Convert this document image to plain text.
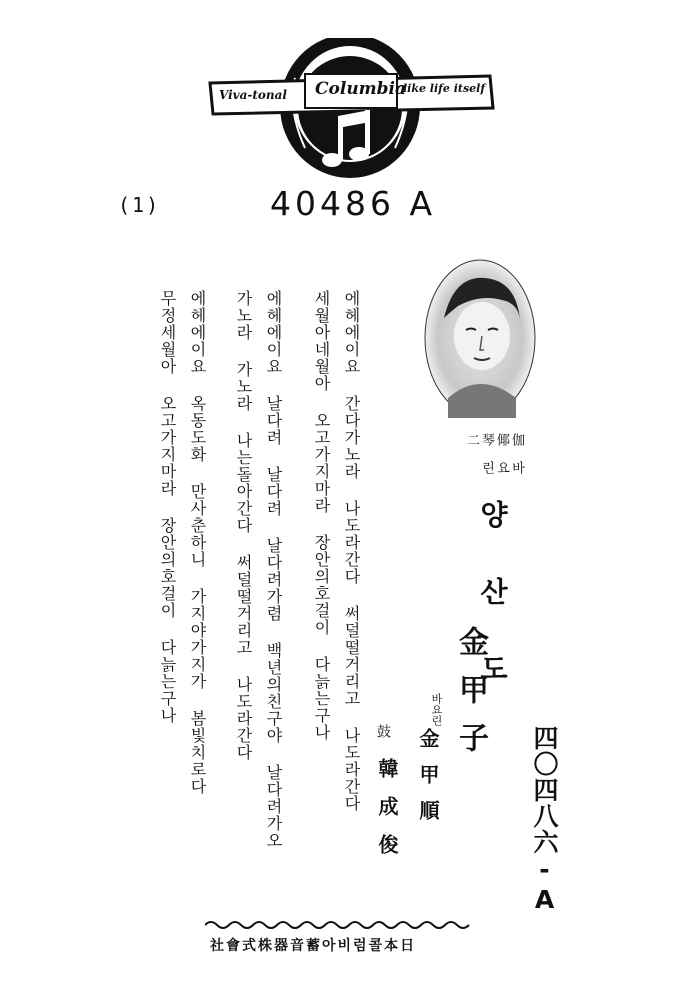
Viva-tonal Columbia
like life itself
(1)	40486 A
伽 바
倻 요
琴 린
二
양 산 도
金甲子
바요린
金甲順
鼓
韓成俊	四〇四八六-A
에헤에이요 간다가노라 나도라간다 써덜떨거리고 나도라간다
세월아네월아 오고가지마라 장안의호걸이 다늙는구나
에헤에이요 날다려 날다려 날다려가렴 백년의친구야 날다려가오
가노라 가노라 나는돌아간다 써덜떨거리고 나도라간다
에헤에이요 옥동도화 만사춘하니 가지야가지가 봄빛치로다
무정세월아 오고가지마라 장안의호걸이 다늙는구나
社會式株器音蓄아비럼콜本日
